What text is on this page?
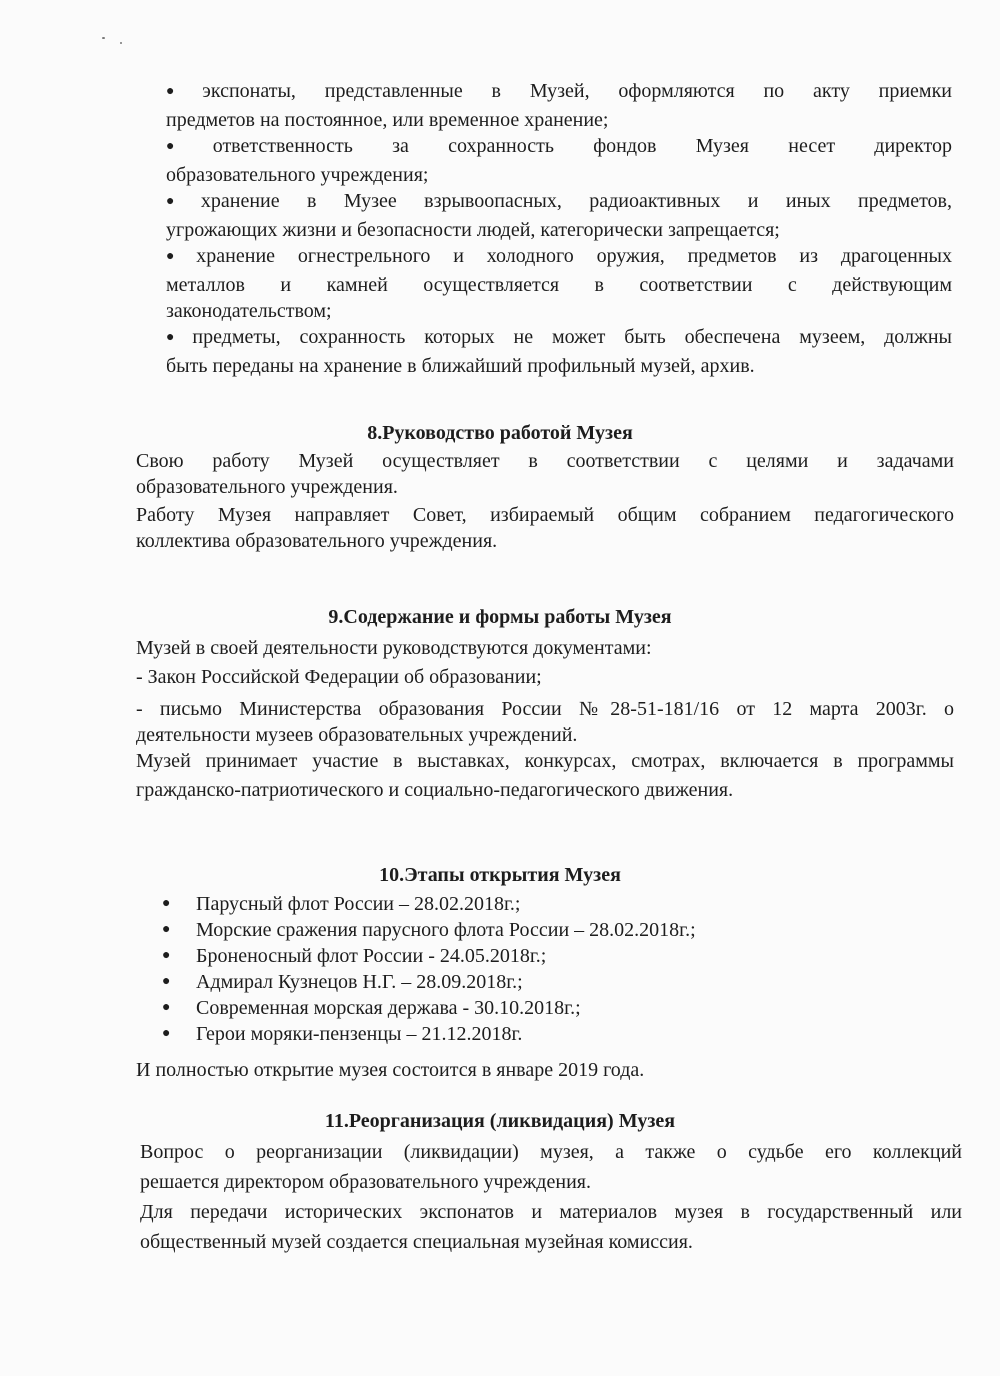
● экспонаты, представленные в Музей, оформляются по акту приемки

предметов на постоянное, или временное хранение;

● ответственность за сохранность фондов Музея несет директор

образовательного учреждения;

● хранение в Музее взрывоопасных, радиоактивных и иных предметов,

угрожающих жизни и безопасности людей, категорически запрещается;

● хранение огнестрельного и холодного оружия, предметов из драгоценных

металлов и камней осуществляется в соответствии с действующим

законодательством;

● предметы, сохранность которых не может быть обеспечена музеем, должны

быть переданы на хранение в ближайший профильный музей, архив.

8.Руководство работой Музея

Свою работу Музей осуществляет в соответствии с целями и задачами

образовательного учреждения.

Работу Музея направляет Совет, избираемый общим собранием педагогического

коллектива образовательного учреждения.

9.Содержание и формы работы Музея

Музей в своей деятельности руководствуются документами:

- Закон Российской Федерации об образовании;

- письмо Министерства образования России №28-51-181/16 от 12 марта 2003г. о

деятельности музеев образовательных учреждений.

Музей принимает участие в выставках, конкурсах, смотрах, включается в программы

гражданско-патриотического и социально-педагогического движения.

10.Этапы открытия Музея
● Парусный флот России – 28.02.2018г.;
● Морские сражения парусного флота России – 28.02.2018г.;
● Броненосный флот России - 24.05.2018г.;
● Адмирал Кузнецов Н.Г. – 28.09.2018г.;
● Современная морская держава - 30.10.2018г.;
● Герои моряки-пензенцы – 21.12.2018г.

И полностью открытие музея состоится в январе 2019 года.

11.Реорганизация (ликвидация) Музея

Вопрос о реорганизации (ликвидации) музея, а также о судьбе его коллекций

решается директором образовательного учреждения.

Для передачи исторических экспонатов и материалов музея в государственный или

общественный музей создается специальная музейная комиссия.
